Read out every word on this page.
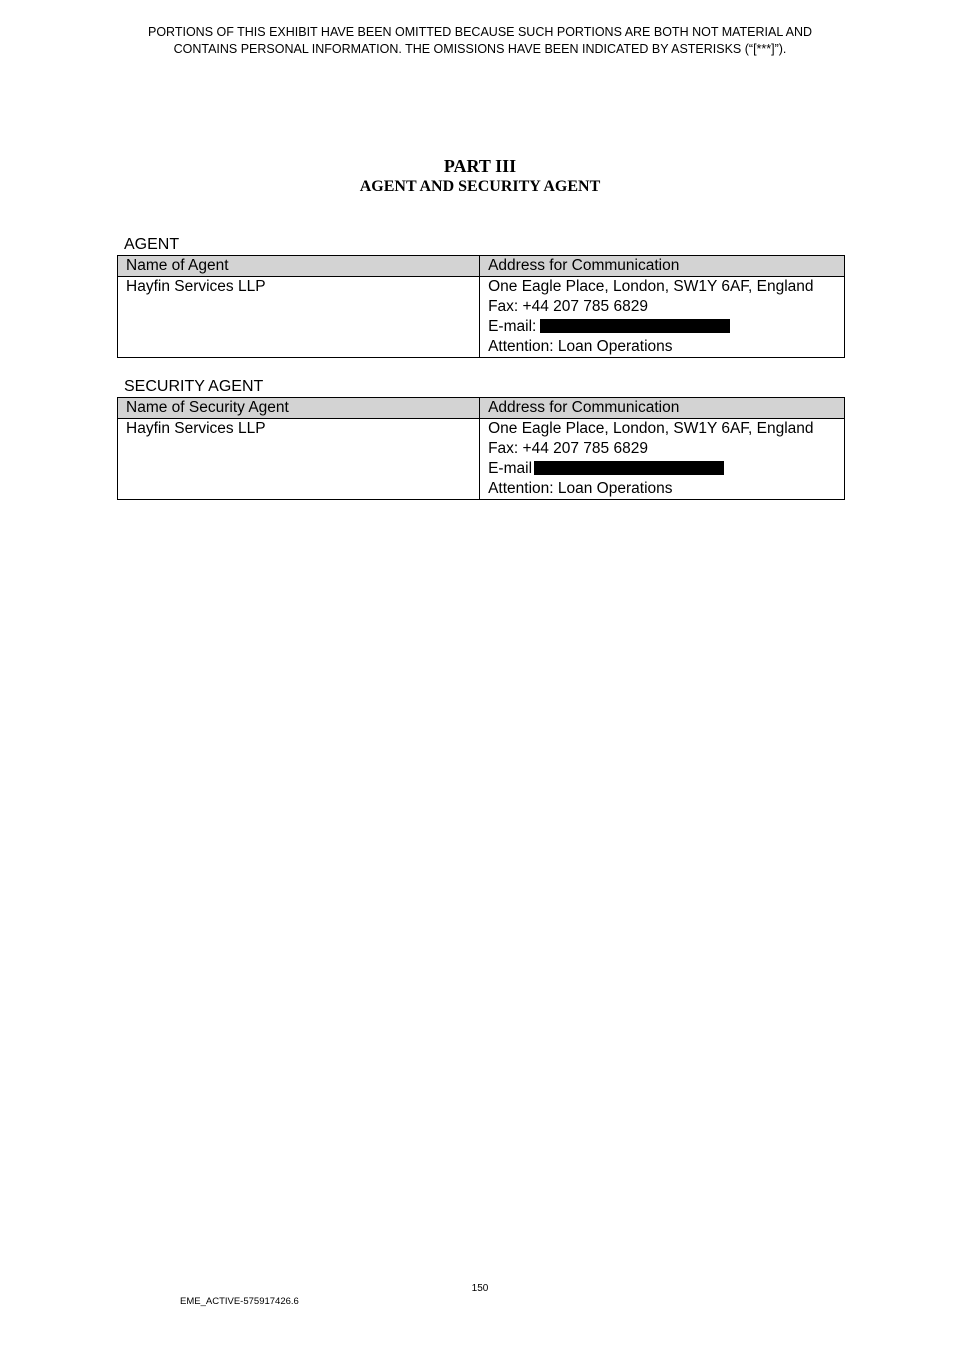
PORTIONS OF THIS EXHIBIT HAVE BEEN OMITTED BECAUSE SUCH PORTIONS ARE BOTH NOT MATERIAL AND
CONTAINS PERSONAL INFORMATION. THE OMISSIONS HAVE BEEN INDICATED BY ASTERISKS (“[***]”).
PART III
AGENT AND SECURITY AGENT
AGENT
Name of Agent	Address for Communication

Hayfin Services LLP	One Eagle Place, London, SW1Y 6AF, England
Fax: +44 207 785 6829
E-mail:
Attention: Loan Operations
SECURITY AGENT
Name of Security Agent	Address for Communication

Hayfin Services LLP	One Eagle Place, London, SW1Y 6AF, England
Fax: +44 207 785 6829
E-mail
Attention: Loan Operations
150
EME_ACTIVE-575917426.6
